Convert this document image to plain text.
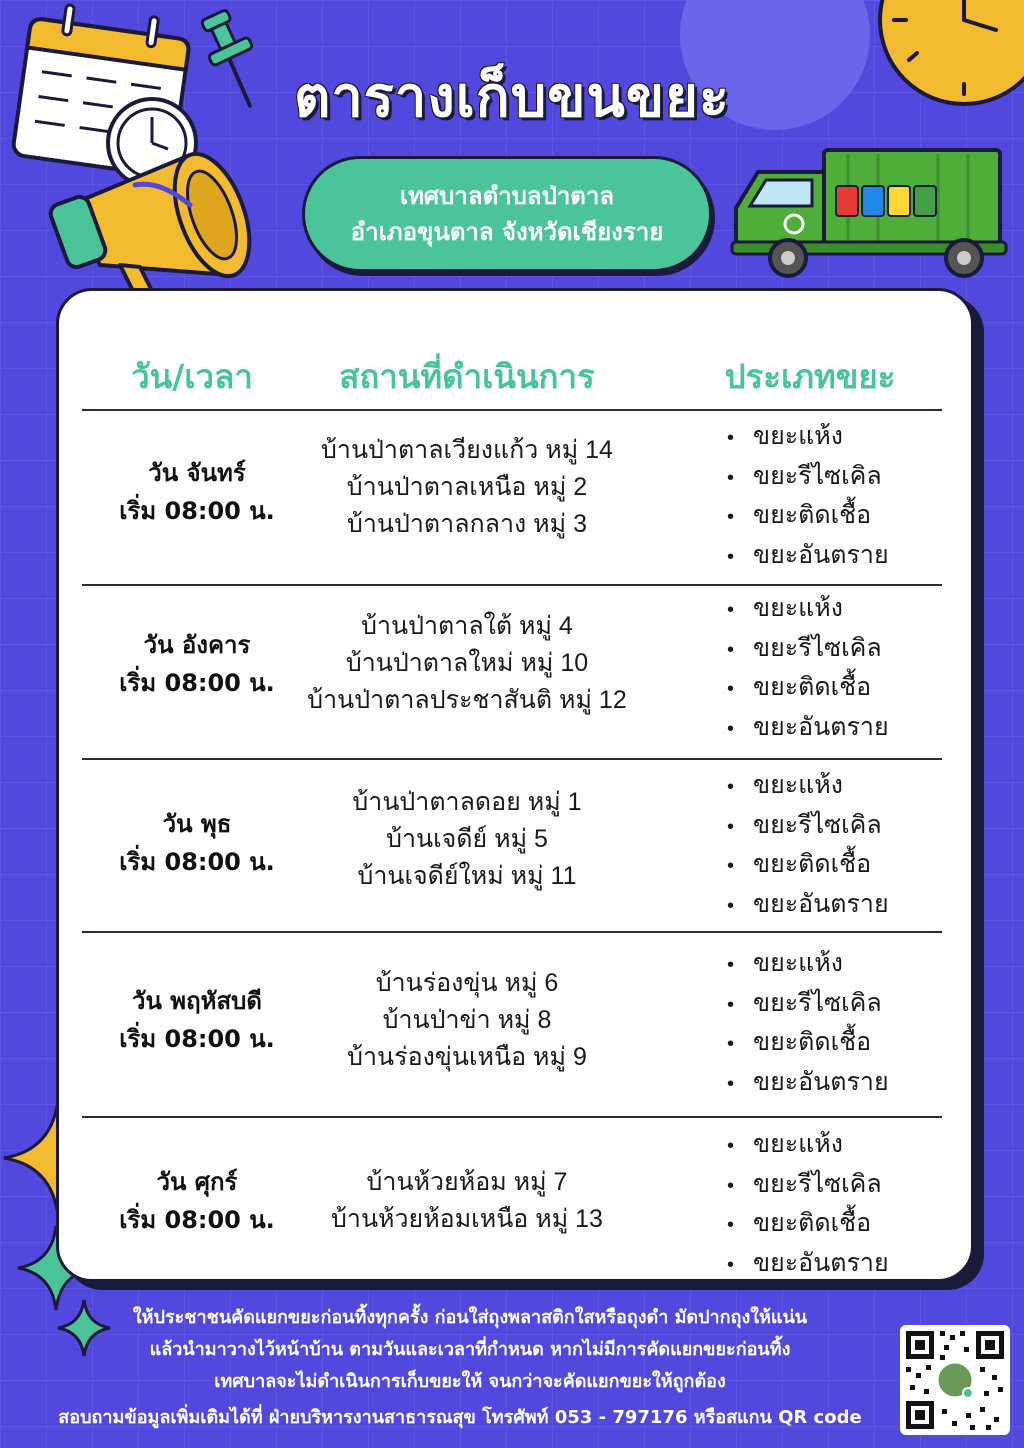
ตารางเก็บขนขยะ
เทศบาลตำบลป่าตาล
อำเภอขุนตาล จังหวัดเชียงราย
วัน/เวลา	สถานที่ดำเนินการ	ประเภทขยะ
วัน จันทร์
เริ่ม 08:00 น.
บ้านป่าตาลเวียงแก้ว หมู่ 14
บ้านป่าตาลเหนือ หมู่ 2
บ้านป่าตาลกลาง หมู่ 3
• ขยะแห้ง
• ขยะรีไซเคิล
• ขยะติดเชื้อ
• ขยะอันตราย
วัน อังคาร
เริ่ม 08:00 น.
บ้านป่าตาลใต้ หมู่ 4
บ้านป่าตาลใหม่ หมู่ 10
บ้านป่าตาลประชาสันติ หมู่ 12
• ขยะแห้ง
• ขยะรีไซเคิล
• ขยะติดเชื้อ
• ขยะอันตราย
วัน พุธ
เริ่ม 08:00 น.
บ้านป่าตาลดอย หมู่ 1
บ้านเจดีย์ หมู่ 5
บ้านเจดีย์ใหม่ หมู่ 11
• ขยะแห้ง
• ขยะรีไซเคิล
• ขยะติดเชื้อ
• ขยะอันตราย
วัน พฤหัสบดี
เริ่ม 08:00 น.
บ้านร่องขุ่น หมู่ 6
บ้านป่าข่า หมู่ 8
บ้านร่องขุ่นเหนือ หมู่ 9
• ขยะแห้ง
• ขยะรีไซเคิล
• ขยะติดเชื้อ
• ขยะอันตราย
วัน ศุกร์
เริ่ม 08:00 น.
บ้านห้วยห้อม หมู่ 7
บ้านห้วยห้อมเหนือ หมู่ 13
• ขยะแห้ง
• ขยะรีไซเคิล
• ขยะติดเชื้อ
• ขยะอันตราย
ให้ประชาชนคัดแยกขยะก่อนทิ้งทุกครั้ง ก่อนใส่ถุงพลาสติกใสหรือถุงดำ มัดปากถุงให้แน่น
แล้วนำมาวางไว้หน้าบ้าน ตามวันและเวลาที่กำหนด หากไม่มีการคัดแยกขยะก่อนทิ้ง
เทศบาลจะไม่ดำเนินการเก็บขยะให้ จนกว่าจะคัดแยกขยะให้ถูกต้อง
สอบถามข้อมูลเพิ่มเติมได้ที่ ฝ่ายบริหารงานสาธารณสุข โทรศัพท์ 053 - 797176 หรือสแกน QR code
